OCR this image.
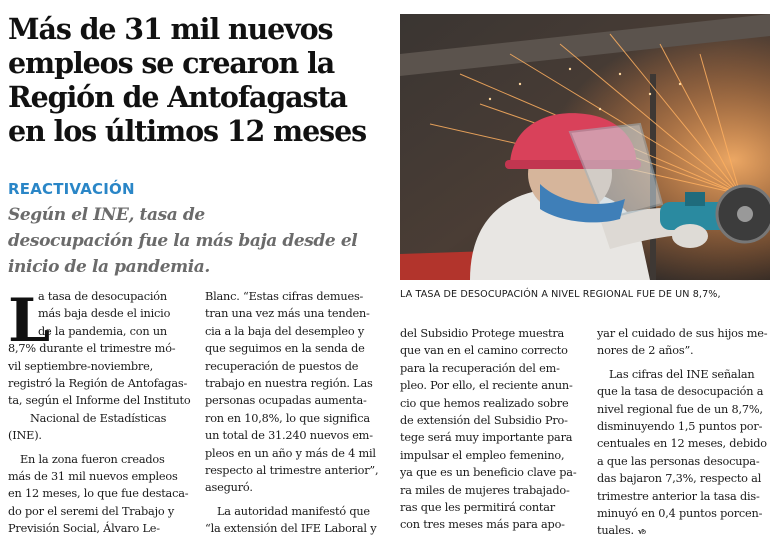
Más de 31 mil nuevos
empleos se crearon la
Región de Antofagasta
en los últimos 12 meses
REACTIVACIÓN
Según el INE, tasa de
desocupación fue la más baja desde el
inicio de la pandemia.
LA TASA DE DESOCUPACIÓN A NIVEL REGIONAL FUE DE UN 8,7%,
L
a tasa de desocupación
más baja desde el inicio
de la pandemia, con un
8,7% durante el trimestre mó-
vil septiembre-noviembre,
registró la Región de Antofagas-
ta, según el Informe del Instituto
Nacional de Estadísticas
(INE).
En la zona fueron creados
más de 31 mil nuevos empleos
en 12 meses, lo que fue destaca-
do por el seremi del Trabajo y
Previsión Social, Álvaro Le-
Blanc. “Estas cifras demues-
tran una vez más una tenden-
cia a la baja del desempleo y
que seguimos en la senda de
recuperación de puestos de
trabajo en nuestra región. Las
personas ocupadas aumenta-
ron en 10,8%, lo que significa
un total de 31.240 nuevos em-
pleos en un año y más de 4 mil
respecto al trimestre anterior”,
aseguró.
La autoridad manifestó que
“la extensión del IFE Laboral y
del Subsidio Protege muestra
que van en el camino correcto
para la recuperación del em-
pleo. Por ello, el reciente anun-
cio que hemos realizado sobre
de extensión del Subsidio Pro-
tege será muy importante para
impulsar el empleo femenino,
ya que es un beneficio clave pa-
ra miles de mujeres trabajado-
ras que les permitirá contar
con tres meses más para apo-
yar el cuidado de sus hijos me-
nores de 2 años”.
Las cifras del INE señalan
que la tasa de desocupación a
nivel regional fue de un 8,7%,
disminuyendo 1,5 puntos por-
centuales en 12 meses, debido
a que las personas desocupa-
das bajaron 7,3%, respecto al
trimestre anterior la tasa dis-
minuyó en 0,4 puntos porcen-
tuales. ᏹ
